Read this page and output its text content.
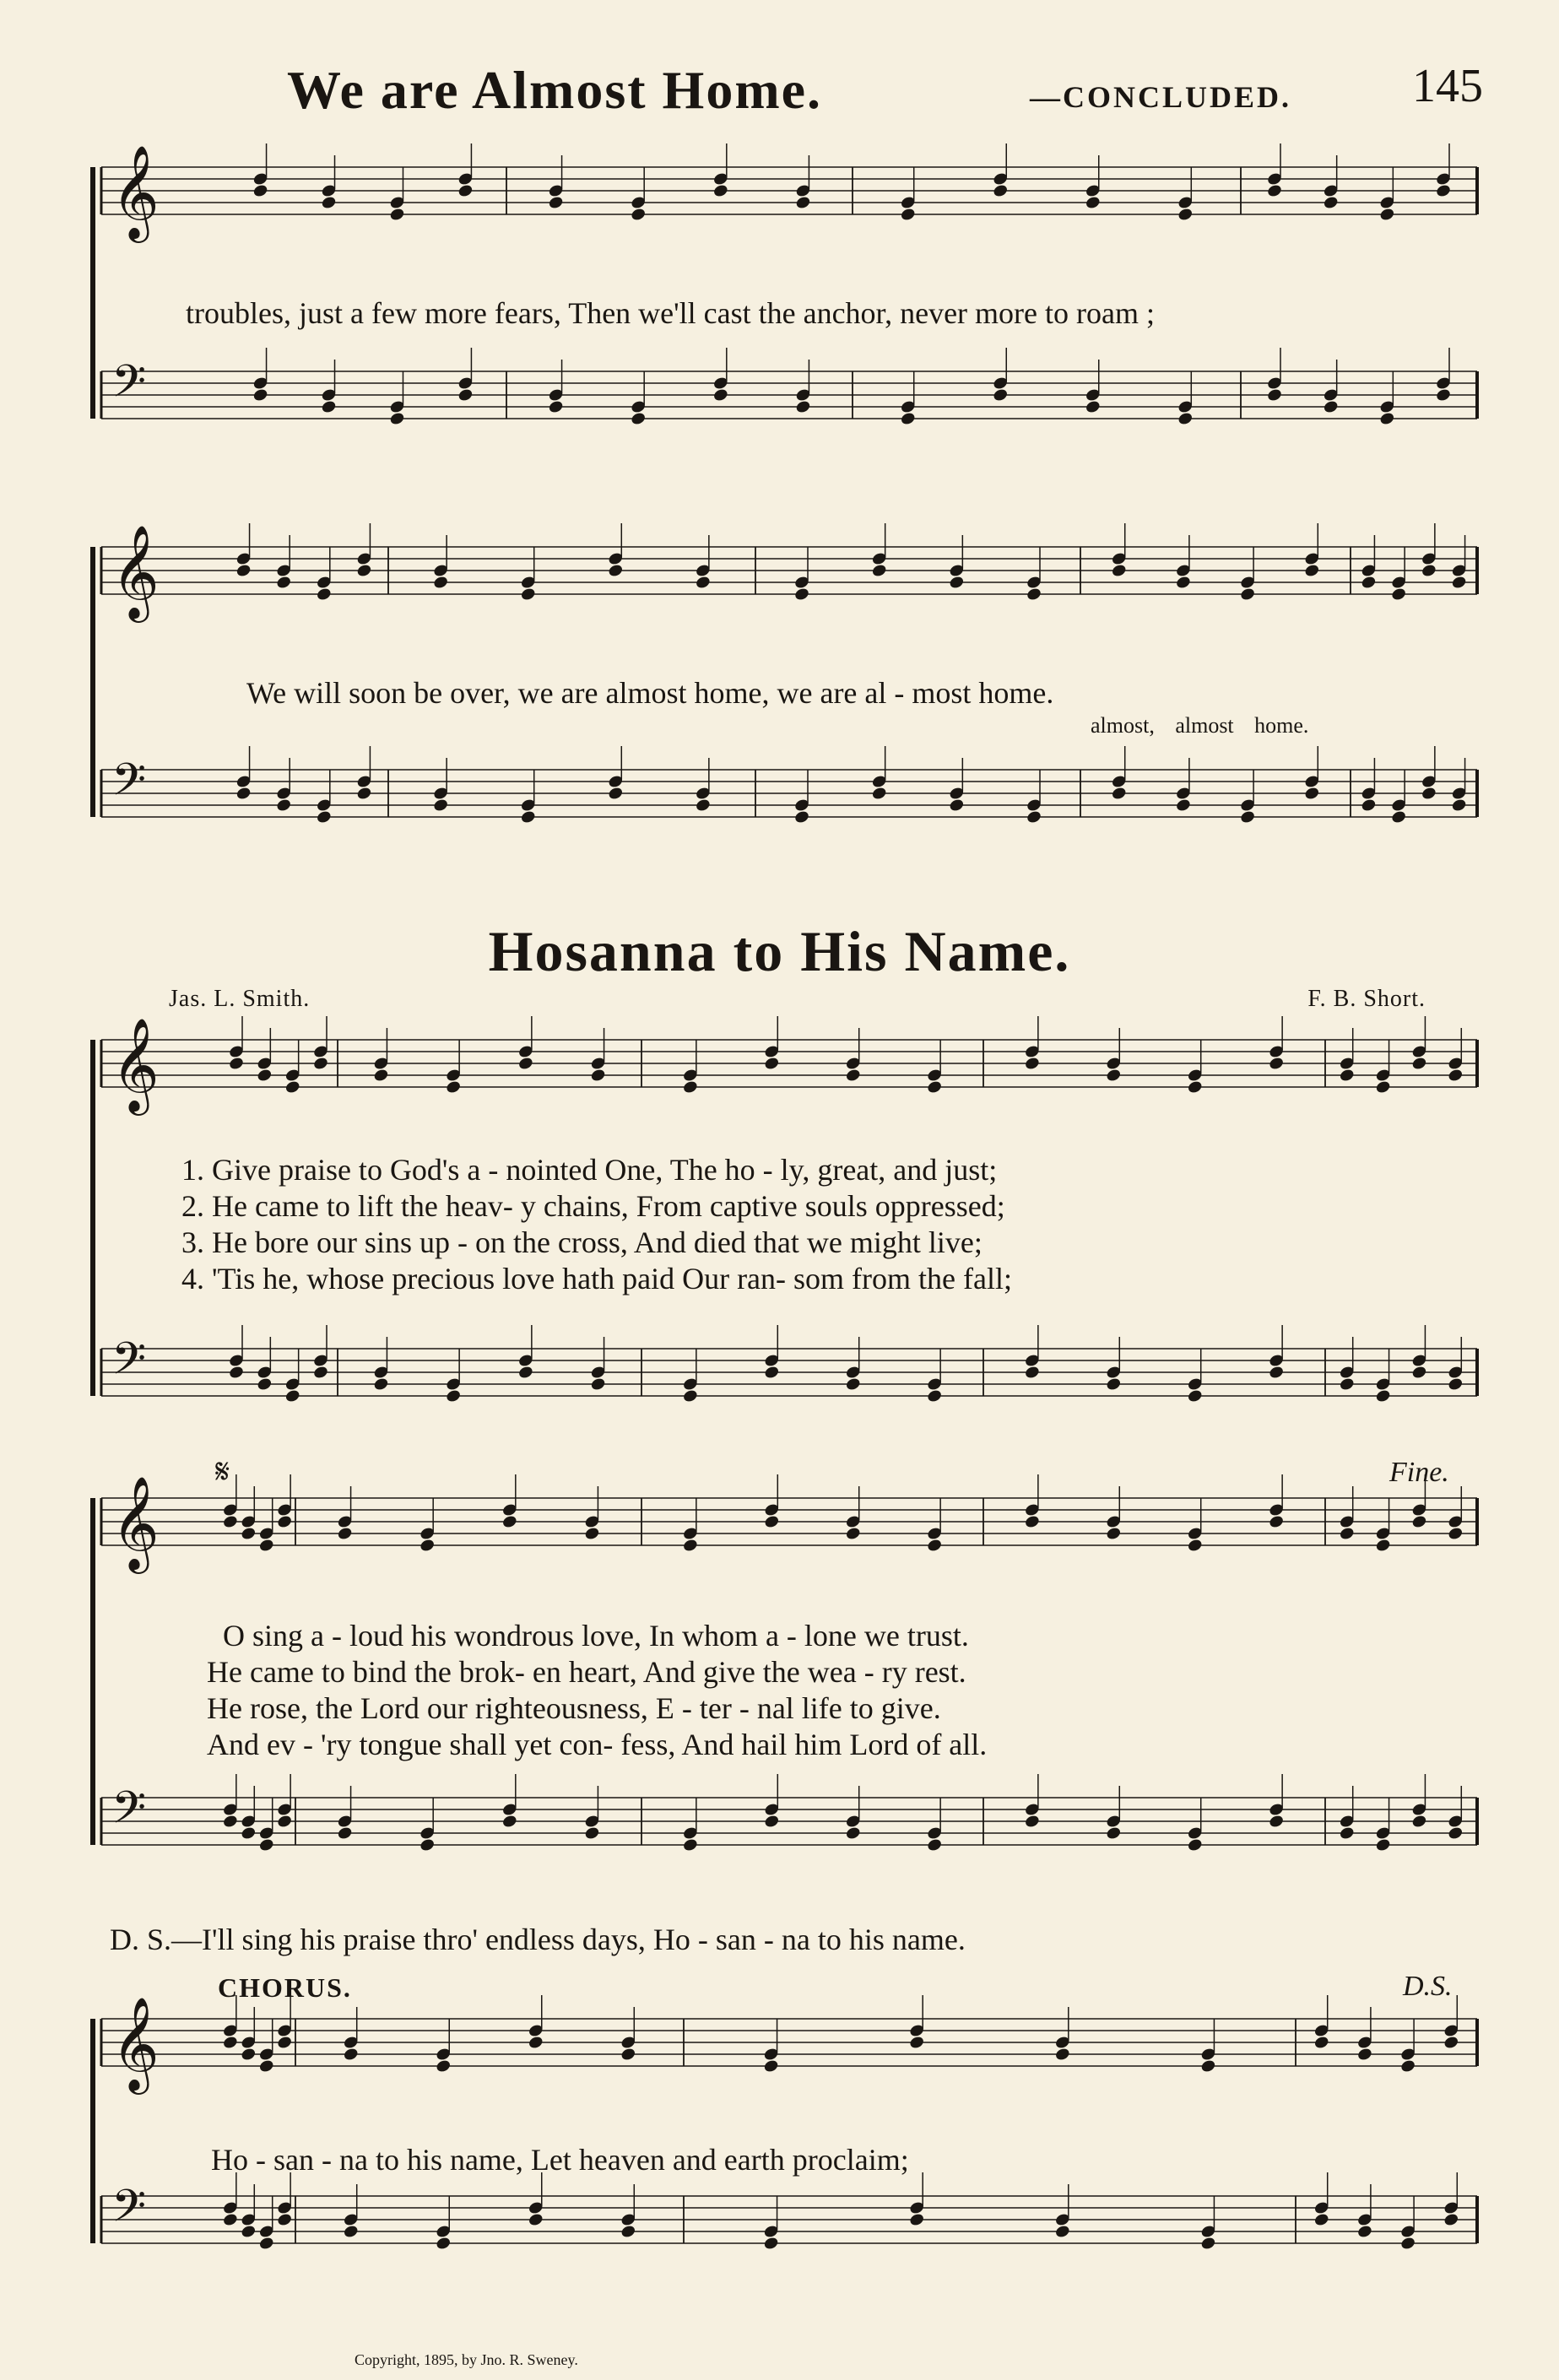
We are Almost Home.	—CONCLUDED.	145
𝄞
𝄢
𝄞
𝄢
𝄞
𝄢
𝄞
𝄢
𝄞
𝄢
troubles, just a few more fears, Then we'll cast the anchor, never more to roam ;
We will soon be over, we are almost home, we are al - most home.
almost, almost home.
Hosanna to His Name.
Jas. L. Smith.	F. B. Short.
1. Give praise to God's a - nointed One, The ho - ly, great, and just;
2. He came to lift the heav- y chains, From captive souls oppressed;
3. He bore our sins up - on the cross, And died that we might live;
4. 'Tis he, whose precious love hath paid Our ran- som from the fall;
𝄋	Fine.
O sing a - loud his wondrous love, In whom a - lone we trust.
He came to bind the brok- en heart, And give the wea - ry rest.
He rose, the Lord our righteousness, E - ter - nal life to give.
And ev - 'ry tongue shall yet con- fess, And hail him Lord of all.
D. S.—I'll sing his praise thro' endless days, Ho - san - na to his name.
CHORUS.	D.S.
Ho - san - na to his name, Let heaven and earth proclaim;
Copyright, 1895, by Jno. R. Sweney.
